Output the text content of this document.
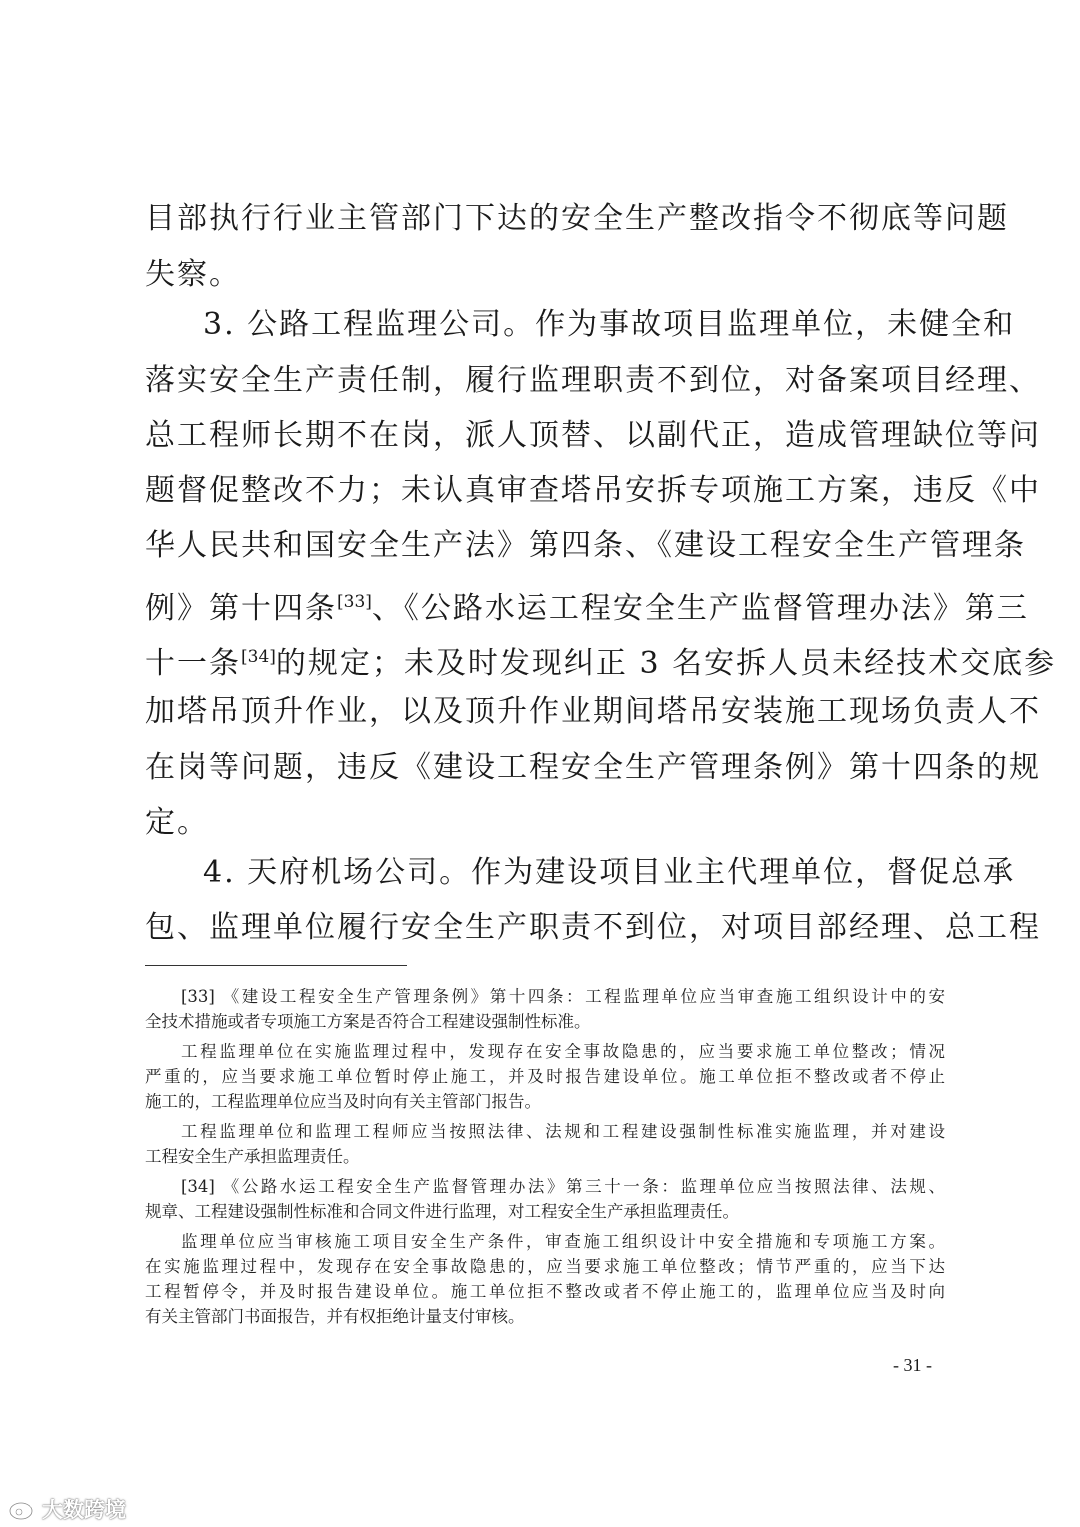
目部执行行业主管部门下达的安全生产整改指令不彻底等问题
失察。
3. 公路工程监理公司。作为事故项目监理单位，未健全和
落实安全生产责任制，履行监理职责不到位，对备案项目经理、
总工程师长期不在岗，派人顶替、以副代正，造成管理缺位等问
题督促整改不力；未认真审查塔吊安拆专项施工方案，违反《中
华人民共和国安全生产法》第四条、《建设工程安全生产管理条
例》第十四条[33]、《公路水运工程安全生产监督管理办法》第三
十一条[34]的规定；未及时发现纠正 3 名安拆人员未经技术交底参
加塔吊顶升作业，以及顶升作业期间塔吊安装施工现场负责人不
在岗等问题，违反《建设工程安全生产管理条例》第十四条的规
定。
4. 天府机场公司。作为建设项目业主代理单位，督促总承
包、监理单位履行安全生产职责不到位，对项目部经理、总工程
[33] 《建设工程安全生产管理条例》第十四条：工程监理单位应当审查施工组织设计中的安
全技术措施或者专项施工方案是否符合工程建设强制性标准。
工程监理单位在实施监理过程中，发现存在安全事故隐患的，应当要求施工单位整改；情况
严重的，应当要求施工单位暂时停止施工，并及时报告建设单位。施工单位拒不整改或者不停止
施工的，工程监理单位应当及时向有关主管部门报告。
工程监理单位和监理工程师应当按照法律、法规和工程建设强制性标准实施监理，并对建设
工程安全生产承担监理责任。
[34] 《公路水运工程安全生产监督管理办法》第三十一条：监理单位应当按照法律、法规、
规章、工程建设强制性标准和合同文件进行监理，对工程安全生产承担监理责任。
监理单位应当审核施工项目安全生产条件，审查施工组织设计中安全措施和专项施工方案。
在实施监理过程中，发现存在安全事故隐患的，应当要求施工单位整改；情节严重的，应当下达
工程暂停令，并及时报告建设单位。施工单位拒不整改或者不停止施工的，监理单位应当及时向
有关主管部门书面报告，并有权拒绝计量支付审核。
- 31 -
大数跨境
